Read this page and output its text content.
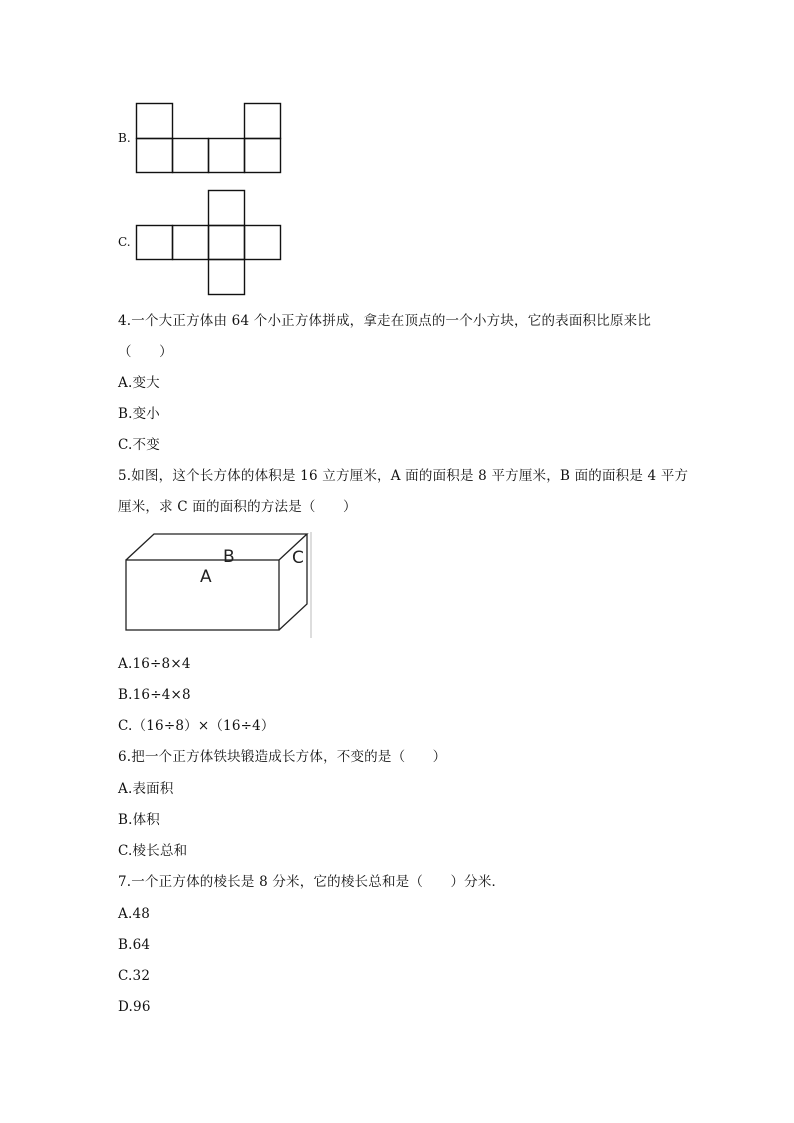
B.
C.
4.一个大正方体由 64 个小正方体拼成，拿走在顶点的一个小方块，它的表面积比原来比
（　　）
A.变大
B.变小
C.不变
5.如图，这个长方体的体积是 16 立方厘米，A 面的面积是 8 平方厘米，B 面的面积是 4 平方
厘米，求 C 面的面积的方法是（　　）
B
A
C
A.16÷8×4
B.16÷4×8
C.（16÷8）×（16÷4）
6.把一个正方体铁块锻造成长方体，不变的是（　　）
A.表面积
B.体积
C.棱长总和
7.一个正方体的棱长是 8 分米，它的棱长总和是（　　）分米．
A.48
B.64
C.32
D.96
